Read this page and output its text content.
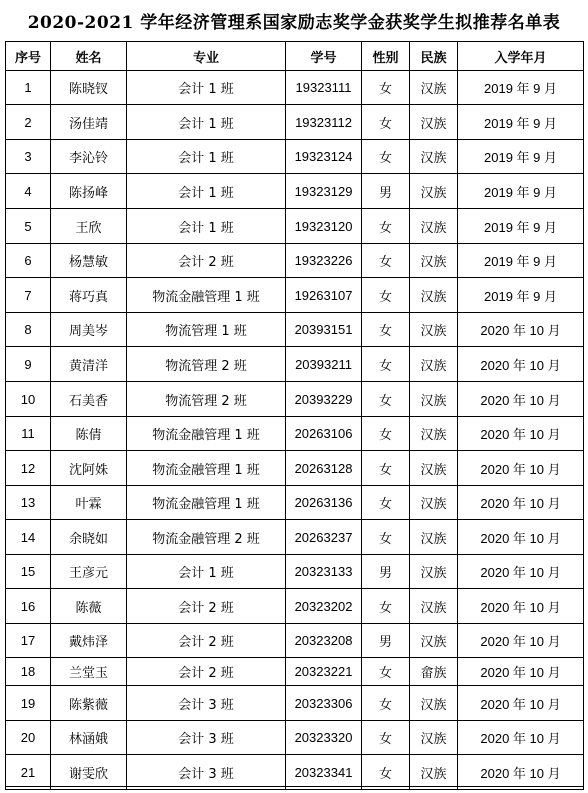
2020-2021 学年经济管理系国家励志奖学金获奖学生拟推荐名单表
序号	姓名	专业	学号	性别	民族	入学年月
1	陈晓钗	会计 1 班	19323111	女	汉族	2019 年 9 月
2	汤佳靖	会计 1 班	19323112	女	汉族	2019 年 9 月
3	李沁铃	会计 1 班	19323124	女	汉族	2019 年 9 月
4	陈扬峰	会计 1 班	19323129	男	汉族	2019 年 9 月
5	王欣	会计 1 班	19323120	女	汉族	2019 年 9 月
6	杨慧敏	会计 2 班	19323226	女	汉族	2019 年 9 月
7	蒋巧真	物流金融管理 1 班	19263107	女	汉族	2019 年 9 月
8	周美岑	物流管理 1 班	20393151	女	汉族	2020 年 10 月
9	黄清洋	物流管理 2 班	20393211	女	汉族	2020 年 10 月
10	石美香	物流管理 2 班	20393229	女	汉族	2020 年 10 月
11	陈倩	物流金融管理 1 班	20263106	女	汉族	2020 年 10 月
12	沈阿姝	物流金融管理 1 班	20263128	女	汉族	2020 年 10 月
13	叶霖	物流金融管理 1 班	20263136	女	汉族	2020 年 10 月
14	余晓如	物流金融管理 2 班	20263237	女	汉族	2020 年 10 月
15	王彦元	会计 1 班	20323133	男	汉族	2020 年 10 月
16	陈薇	会计 2 班	20323202	女	汉族	2020 年 10 月
17	戴炜泽	会计 2 班	20323208	男	汉族	2020 年 10 月
18	兰堂玉	会计 2 班	20323221	女	畲族	2020 年 10 月
19	陈紫薇	会计 3 班	20323306	女	汉族	2020 年 10 月
20	林涵娥	会计 3 班	20323320	女	汉族	2020 年 10 月
21	谢雯欣	会计 3 班	20323341	女	汉族	2020 年 10 月
